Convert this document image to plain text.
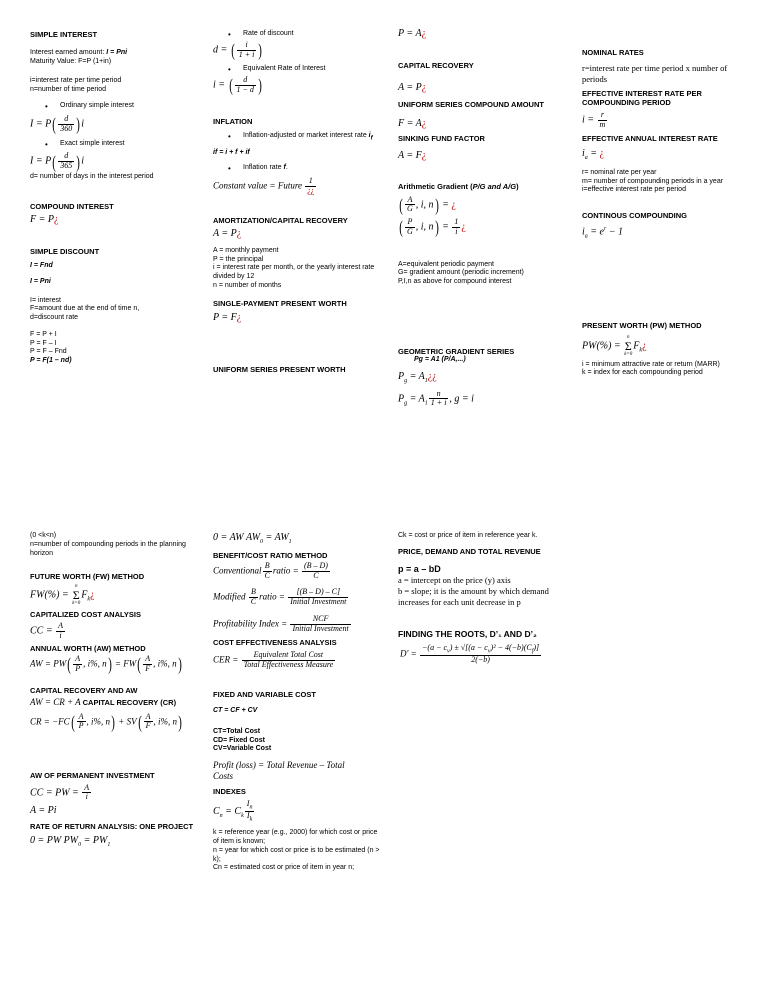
SIMPLE INTEREST
Interest earned amount: I = Pni
Maturity Value: F=P (1+in)
i=interest rate per time period
n=number of time period
• Ordinary simple interest
$I = P( \frac{d}{360} )i$
• Exact simple interest
$I = P( \frac{d}{365} )i$
d= number of days in the interest period
COMPOUND INTEREST
F = P¿
SIMPLE DISCOUNT
I = Fnd
I = Pni
I= interest
F=amount due at the end of time n,
d=discount rate
F = P + I
P = F – I
P = F – Fnd
P = F(1 – nd)
(0 <k<n)
n=number of compounding periods in the planning horizon
FUTURE WORTH (FW) METHOD
FW(%) = n
Σ
$k=0F_k¿$
CAPITALIZED COST ANALYSIS
CC = $\frac{A}{i}$
ANNUAL WORTH (AW) METHOD
AW = $PW( \frac{A}{P}$ , i%, $n) = FW( \frac{A}{F}$ , i%, n)
CAPITAL RECOVERY AND AW
AW = CR + A CAPITAL RECOVERY (CR)
CR = $-FC( \frac{A}{P}$ , i%, $n) + SV( \frac{A}{F}$ , i%, n)
AW OF PERMANENT INVESTMENT
CC = PW = $\frac{A}{i}$
A = Pi
RATE OF RETURN ANALYSIS: ONE PROJECT
0 = PW $PW_0 = PW_1$
• Rate of discount
d = ( $\frac{i}{1 + i}$ )
• Equivalent Rate of Interest
i = ( $\frac{d}{1 - d}$ )
INFLATION
• Inflation-adjusted or market interest rate $i_f$
if = i + f + if
• Inflation rate f.
Constant value = Future $\frac{1}{¿¿}$
AMORTIZATION/CAPITAL RECOVERY
A = P¿
A = monthly payment
P = the principal
i = interest rate per month, or the yearly interest rate divided by 12
n = number of months
SINGLE-PAYMENT PRESENT WORTH
P = F¿
UNIFORM SERIES PRESENT WORTH
0 = AW $AW_0 = AW_1$
BENEFIT/COST RATIO METHOD
Conventional $\frac{B}{C}$ ratio = $\frac{(B - D)}{C}$
Modified $\frac{B}{C}$ ratio = $\frac{[(B - D) - C]}{\text{Initial Investment}}$
Profitability Index = $\frac{\text{NCF}}{\text{Initial Investment}}$
COST EFFECTIVENESS ANALYSIS
CER = $\frac{\text{Equivalent Total Cost}}{\text{Total Effectiveness Measure}}$
FIXED AND VARIABLE COST
CT = CF + CV
CT=Total Cost
CD= Fixed Cost
CV=Variable Cost
Profit (loss) = Total Revenue – Total Costs
INDEXES
$C_n = C_k \frac{I_n}{I_k}$
k = reference year (e.g., 2000) for which cost or price of item is known;
n = year for which cost or price is to be estimated (n > k);
Cn = estimated cost or price of item in year n;
P = A¿
CAPITAL RECOVERY
A = P¿
UNIFORM SERIES COMPOUND AMOUNT
F = A¿
SINKING FUND FACTOR
A = F¿
Arithmetic Gradient (P/G and A/G)
( $\frac{A}{G}$ , i, n) = ¿
( $\frac{P}{G}$ , i, $n) = \frac{1}{i}$ ¿
A=equivalent periodic payment
G= gradient amount (periodic increment)
P,I,n as above for compound interest
GEOMETRIC GRADIENT SERIES
Pg = A1 (P/A,...)
$P_g$ = $A_1¿¿$
$P_g = A_1 \frac{n}{1 + i}$ , g = i
Ck = cost or price of item in reference year k.
PRICE, DEMAND AND TOTAL REVENUE
p = a – bD
a = intercept on the price (y) axis
b = slope; it is the amount by which demand increases for each unit decrease in p
FINDING THE ROOTS, D’₁ AND D’₂
$D' = \frac{-(a - c_v) \pm √[(a - c_v)^2 - 4(-b)(C_f)]}{2(-b)}$
NOMINAL RATES
r=interest rate per time period x number of periods
EFFECTIVE INTEREST RATE PER COMPOUNDING PERIOD
$i = \frac{r}{m}$
EFFECTIVE ANNUAL INTEREST RATE
$i_a$ = ¿
r= nominal rate per year
m= number of compounding periods in a year
i=effective interest rate per period
CONTINOUS COMPOUNDING
$i_a = e^r - 1$
PRESENT WORTH (PW) METHOD
PW(%) = n
Σ
$k=0F_k¿$
i = minimum attractive rate or return (MARR)
k = index for each compounding period
